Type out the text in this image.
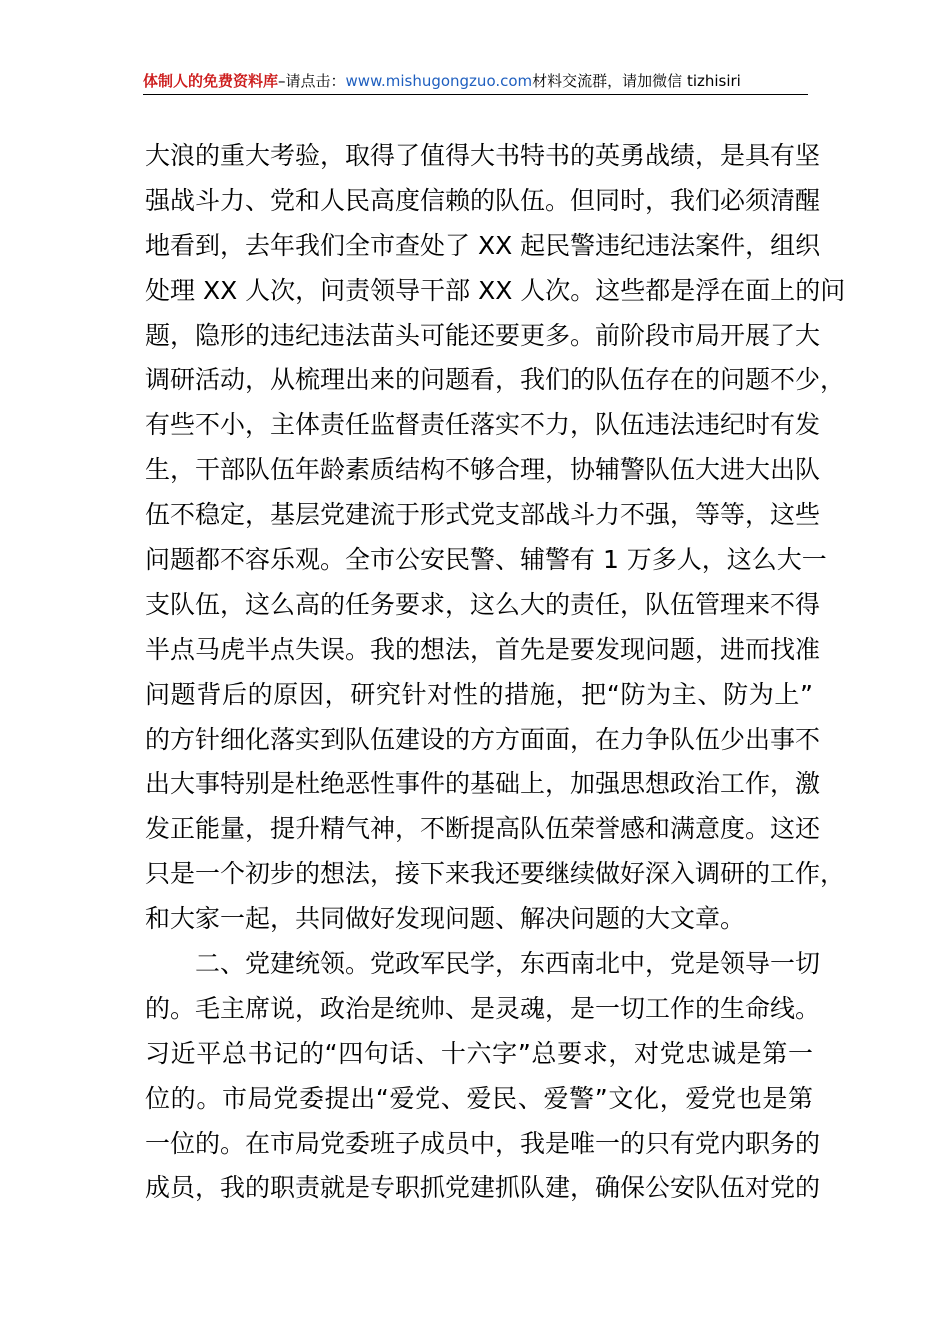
体制人的免费资料库–请点击：www.mishugongzuo.com材料交流群，请加微信 tizhisiri
大浪的重大考验，取得了值得大书特书的英勇战绩，是具有坚
强战斗力、党和人民高度信赖的队伍。但同时，我们必须清醒
地看到，去年我们全市查处了 XX 起民警违纪违法案件，组织
处理 XX 人次，问责领导干部 XX 人次。这些都是浮在面上的问
题，隐形的违纪违法苗头可能还要更多。前阶段市局开展了大
调研活动，从梳理出来的问题看，我们的队伍存在的问题不少，
有些不小，主体责任监督责任落实不力，队伍违法违纪时有发
生，干部队伍年龄素质结构不够合理，协辅警队伍大进大出队
伍不稳定，基层党建流于形式党支部战斗力不强，等等，这些
问题都不容乐观。全市公安民警、辅警有 1 万多人，这么大一
支队伍，这么高的任务要求，这么大的责任，队伍管理来不得
半点马虎半点失误。我的想法，首先是要发现问题，进而找准
问题背后的原因，研究针对性的措施，把“防为主、防为上”
的方针细化落实到队伍建设的方方面面，在力争队伍少出事不
出大事特别是杜绝恶性事件的基础上，加强思想政治工作，激
发正能量，提升精气神，不断提高队伍荣誉感和满意度。这还
只是一个初步的想法，接下来我还要继续做好深入调研的工作，
和大家一起，共同做好发现问题、解决问题的大文章。
二、党建统领。党政军民学，东西南北中，党是领导一切
的。毛主席说，政治是统帅、是灵魂，是一切工作的生命线。
习近平总书记的“四句话、十六字”总要求，对党忠诚是第一
位的。市局党委提出“爱党、爱民、爱警”文化，爱党也是第
一位的。在市局党委班子成员中，我是唯一的只有党内职务的
成员，我的职责就是专职抓党建抓队建，确保公安队伍对党的
